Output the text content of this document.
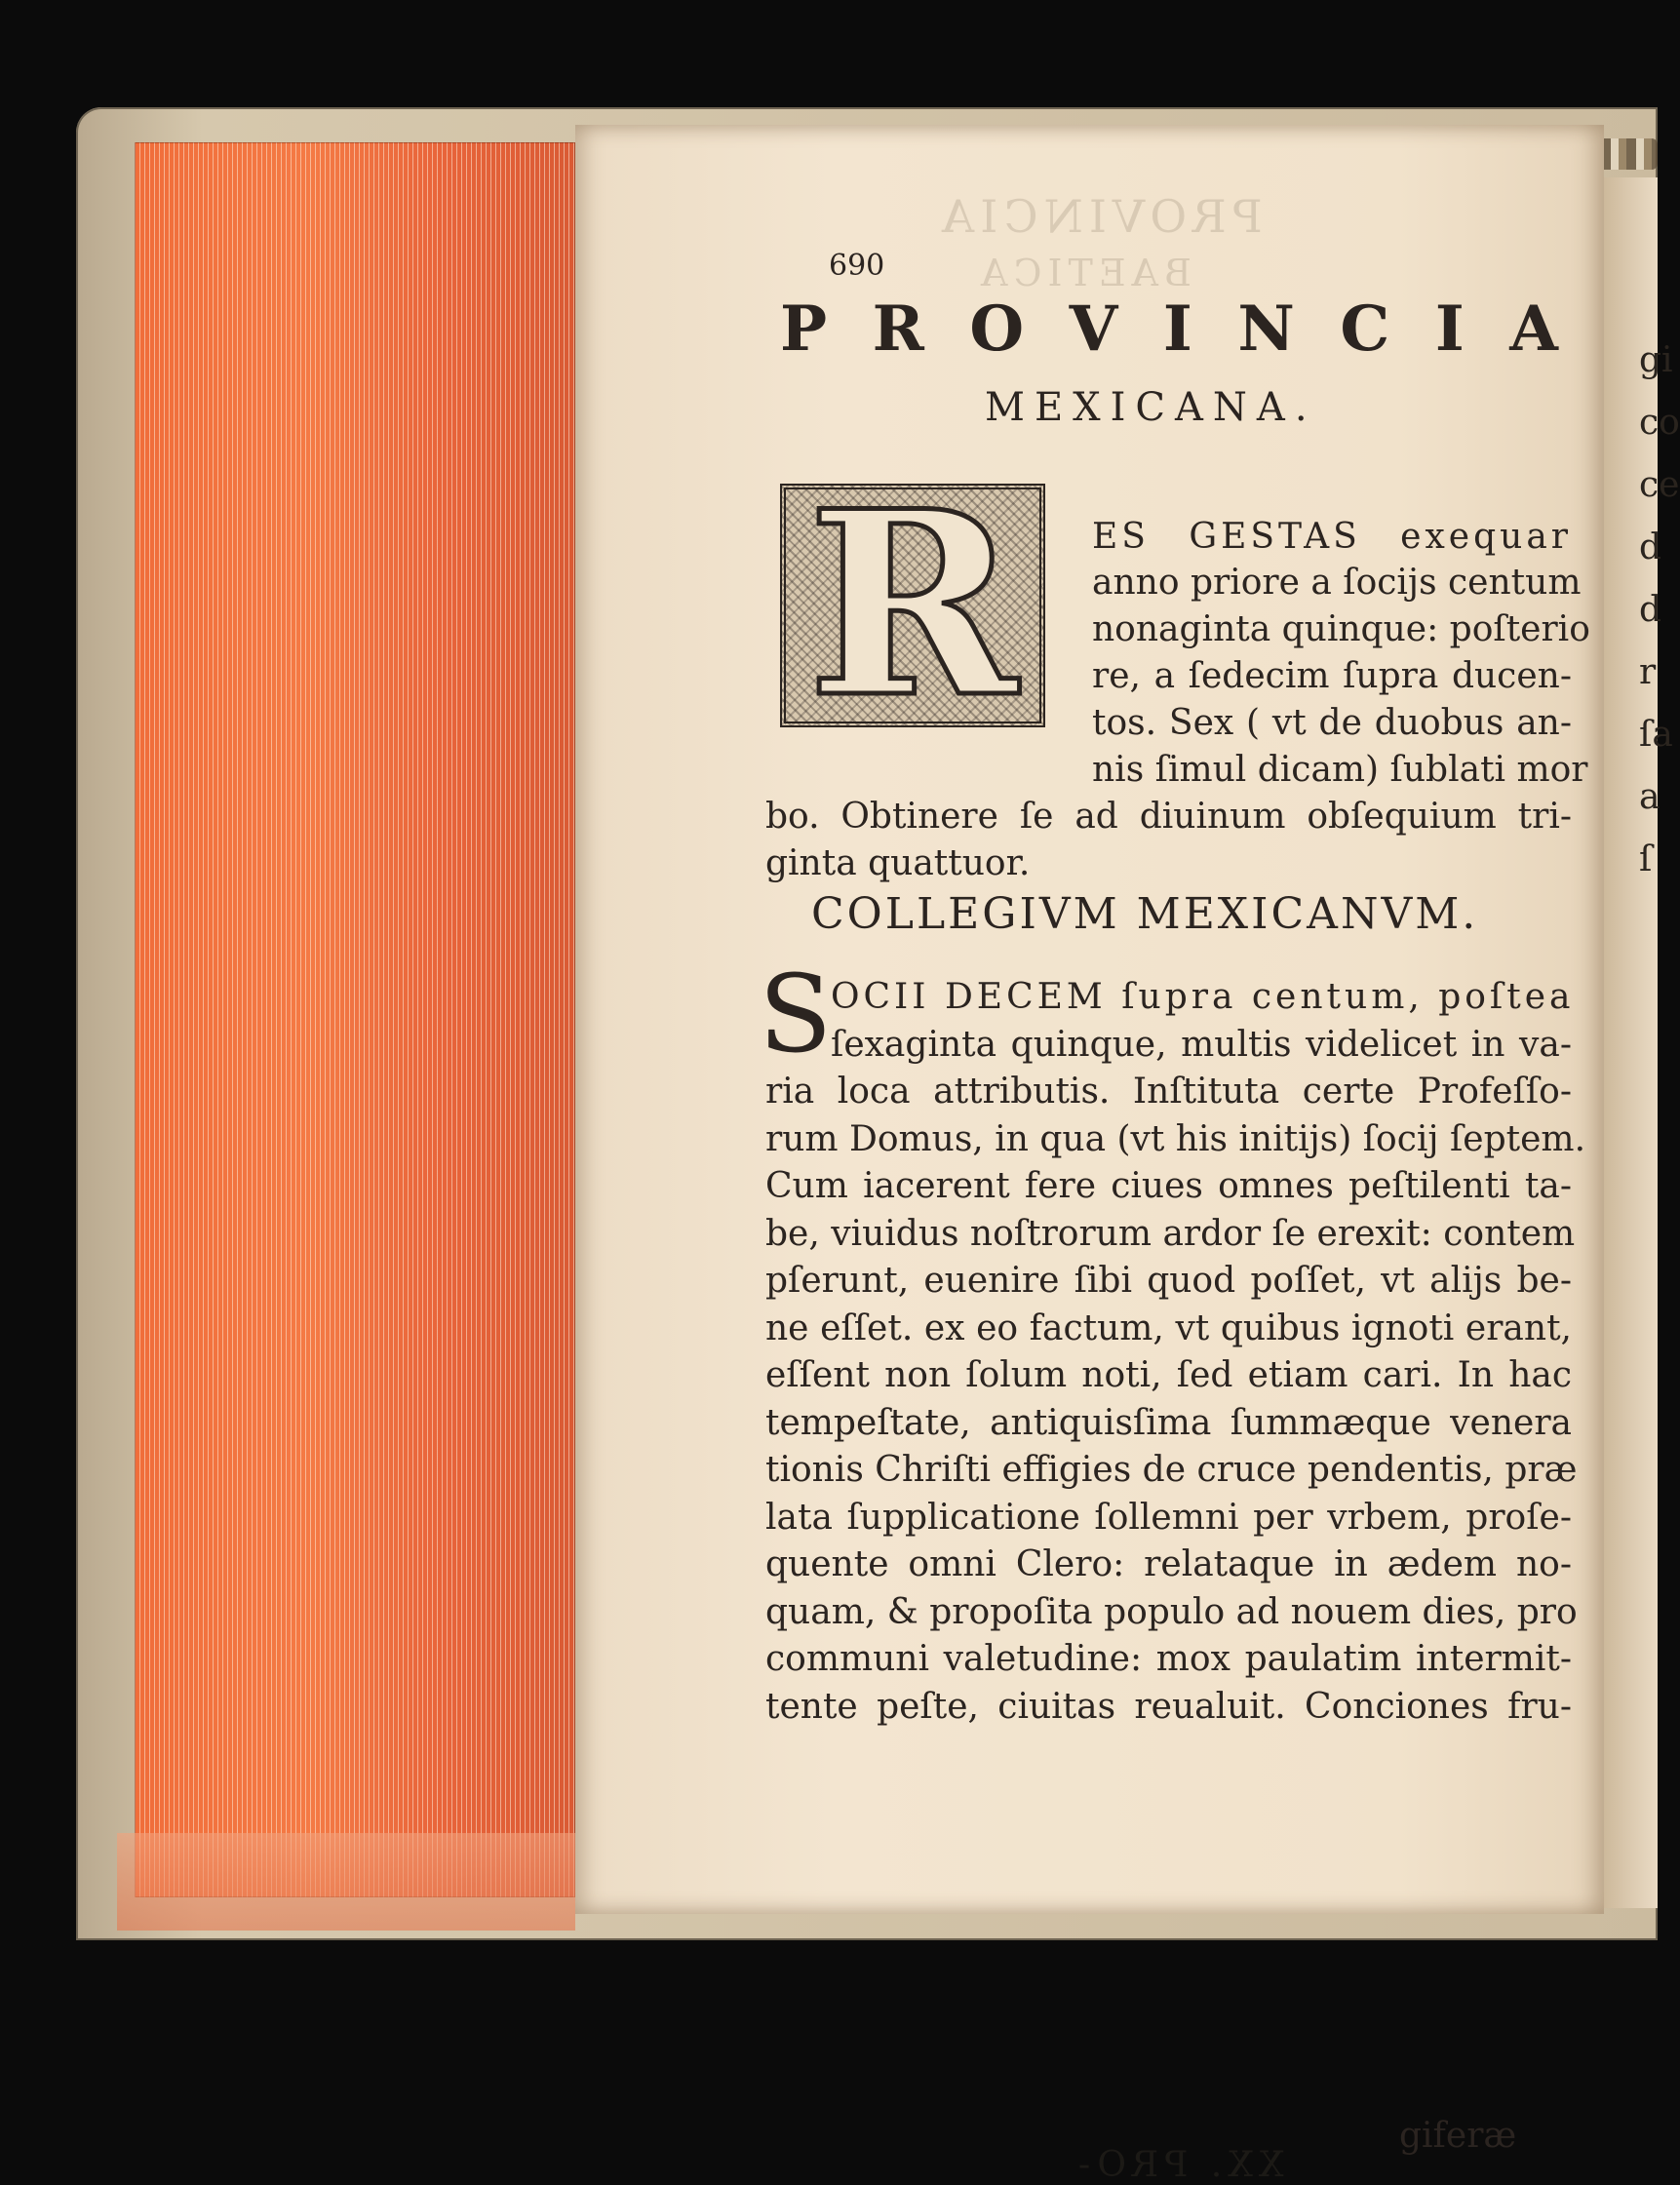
gi
co
ce
d
d
r
ſa
a
ſ
PROVINCIA
BAETICA
XX. PRO-
690
P R O V I N C I A
MEXICANA.
R	ES GESTAS exequar
anno priore a ſocijs centum
nonaginta quinque: poſterio
re, a ſedecim ſupra ducen-
tos. Sex ( vt de duobus an-
nis ſimul dicam) ſublati mor
bo. Obtinere ſe ad diuinum obſequium tri-
ginta quattuor.
COLLEGIVM MEXICANVM.
S
OCII DECEM ſupra centum, poſtea
ſexaginta quinque, multis videlicet in va-
ria loca attributis. Inſtituta certe Profeſſo-
rum Domus, in qua (vt his initijs) ſocij ſeptem.
Cum iacerent fere ciues omnes peſtilenti ta-
be, viuidus noſtrorum ardor ſe erexit: contem
pſerunt, euenire ſibi quod poſſet, vt alijs be-
ne eſſet. ex eo factum, vt quibus ignoti erant,
eſſent non ſolum noti, ſed etiam cari. In hac
tempeſtate, antiquisſima ſummæque venera
tionis Chriſti effigies de cruce pendentis, præ
lata ſupplicatione ſollemni per vrbem, proſe-
quente omni Clero: relataque in ædem no-
quam, & propoſita populo ad nouem dies, pro
communi valetudine: mox paulatim intermit-
tente peſte, ciuitas reualuit. Conciones fru-
giferæ
